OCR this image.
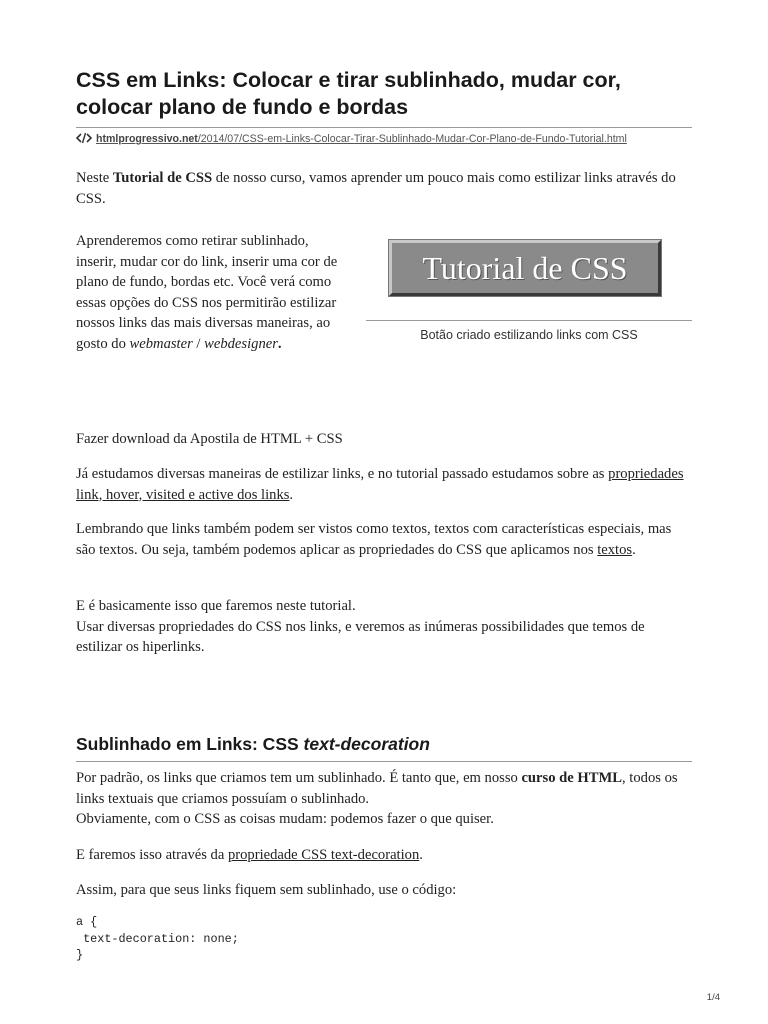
CSS em Links: Colocar e tirar sublinhado, mudar cor, colocar plano de fundo e bordas
htmlprogressivo.net/2014/07/CSS-em-Links-Colocar-Tirar-Sublinhado-Mudar-Cor-Plano-de-Fundo-Tutorial.html

Neste Tutorial de CSS de nosso curso, vamos aprender um pouco mais como estilizar links através do CSS.

Aprenderemos como retirar sublinhado, inserir, mudar cor do link, inserir uma cor de plano de fundo, bordas etc. Você verá como essas opções do CSS nos permitirão estilizar nossos links das mais diversas maneiras, ao gosto do webmaster / webdesigner.

Tutorial de CSS
Botão criado estilizando links com CSS

Fazer download da Apostila de HTML + CSS

Já estudamos diversas maneiras de estilizar links, e no tutorial passado estudamos sobre as propriedades link, hover, visited e active dos links.

Lembrando que links também podem ser vistos como textos, textos com características especiais, mas são textos. Ou seja, também podemos aplicar as propriedades do CSS que aplicamos nos textos.

E é basicamente isso que faremos neste tutorial.
Usar diversas propriedades do CSS nos links, e veremos as inúmeras possibilidades que temos de estilizar os hiperlinks.

Sublinhado em Links: CSS text-decoration

Por padrão, os links que criamos tem um sublinhado. É tanto que, em nosso curso de HTML, todos os links textuais que criamos possuíam o sublinhado.
Obviamente, com o CSS as coisas mudam: podemos fazer o que quiser.

E faremos isso através da propriedade CSS text-decoration.

Assim, para que seus links fiquem sem sublinhado, use o código:

a {
text-decoration: none;
}
1/4
